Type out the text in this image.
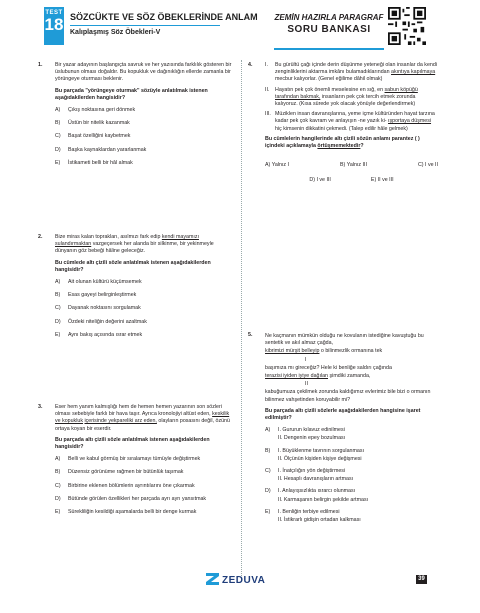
TEST
18 SÖZCÜKTE VE SÖZ ÖBEKLERİNDE ANLAM
Kalıplaşmış Söz Öbekleri-V
ZEMİN HAZIRLA PARAGRAF
SORU BANKASI
1. Bir yazar adayının başlangıçta savruk ve her yazısında farklılık gösteren bir üslubunun olması doğaldır. Bu kopukluk ve dağınıklığın ellerde zamanla bir yörüngeye oturması beklenir.

Bu parçada "yörüngeye oturmak" sözüyle anlatılmak istenen aşağıdakilerden hangisidir?
A) Çıkış noktasına geri dönmek
B) Üstün bir nitelik kazanmak
C) Başat özelliğini kaybetmek
D) Başka kaynaklardan yararlanmak
E) İstikameti belli bir hâl almak
2. Bize miras kalan toprakları, asılmızı fark edip kendi mayamızı sulandırmaktan vazgeçersek her alanda bir silkinme, bir yekinmeyle dünyanın göz bebeği hâline geleceğiz.

Bu cümlede altı çizili sözle anlatılmak istenen aşağıdakilerden hangisidir?
A) Ait olunan kültürü küçümsemek
B) Esas gayeyi belirginleştirmek
C) Dayanak noktasını sorgulamak
D) Özdeki niteliğin değerini azaltmak
E) Aynı bakış açısında ısrar etmek
3. Eser hem yanım kalmışlığı hem de hemen hemen yazarının son sözleri olması sebebiyle farklı bir hava taşır. Ayrıca kronolojiyi altüst eden, keskilik ve kopukluk içerisinde yekpareliki arz eden, olayların posasını değil, özünü ortaya koyan bir eserdir.

Bu parçada altı çizili sözle anlatılmak istenen aşağıdakilerden hangisidir?
A) Belli ve kabul görmüş bir sıralamayı tümüyle değiştirmek
B) Düzensiz görünüme rağmen bir bütünlük taşımak
C) Birbirine eklenen bölümlerin ayrıntılarını öne çıkarmak
D) Bütünde görülen özellikleri her parçada ayrı ayrı yansıtmak
E) Sürekliliğin kesildiği aşamalarda belli bir denge kurmak
4. I. Bu gürültü çağı içinde derin düşünme yeteneği olan insanlar da kendi zenginliklerini aktarma imkânı bulamadıklarından akıntıya kapılmaya mecbur kalıyorlar. (Genel eğilime dâhil olmak)
II. Hayatın pek çok önemli meselesine en sığ, en sabun köpüğü tarafından bakmak, insanların pek çok tercih etmek zorunda kalıyoruz. (Kısa sürede yok olacak yönüyle değerlendirmek)
III. Müziklen insan davranışlarına, yeme içme kültüründen hayat tarzına kadar pek çok kavram ve anlayışın -ne yazık ki- ışportaya düşmesi hiç kimsenin dikkatini çekmedi. (Talep edilir hâle gelmek)
Bu cümlelerin hangilerinde altı çizili sözün anlamı parantez ( ) içindeki açıklamayla örtüşmemektedir?
A) Yalnız I	B) Yalnız III	C) I ve II
D) I ve III	E) II ve III
5. Ne kaçmanın mümkün olduğu ne kovulanın istediğine kavuştuğu bu sentetik ve akıl almaz çağda,
kibrimizi mürşit belleyip o bilinmezlik ormanına tek
I
başımıza mı gireceğiz? Hele ki benliğe saldırı çağında
terazisi iyiden iyiye dağılan şimdiki zamanda,
II
kabuğumuza çekilmek zorunda kaldığımız evlerimiz bile bizi o ormanın bilinmez vahşetinden koruyabilir mi?
Bu parçada altı çizili sözlerle aşağıdakilerden hangisine işaret edilmiştir?
A) I. Gururun kılavuz edinilmesi
II. Dengenin epey bozulması
B) I. Büyüklenme tavrının sorgulanması
II. Ölçünün kişiden kişiye değişmesi
C) I. İnatçılığın yön değiştirmesi
II. Hesaplı davranışların artması
D) I. Anlayışsızlıkta ısrarcı olunması
II. Karmaşanın belirgin şekilde artması
E) I. Benliğin terbiye edilmesi
II. İstikrarlı gidişin ortadan kalkması
ZEDUVA	39
